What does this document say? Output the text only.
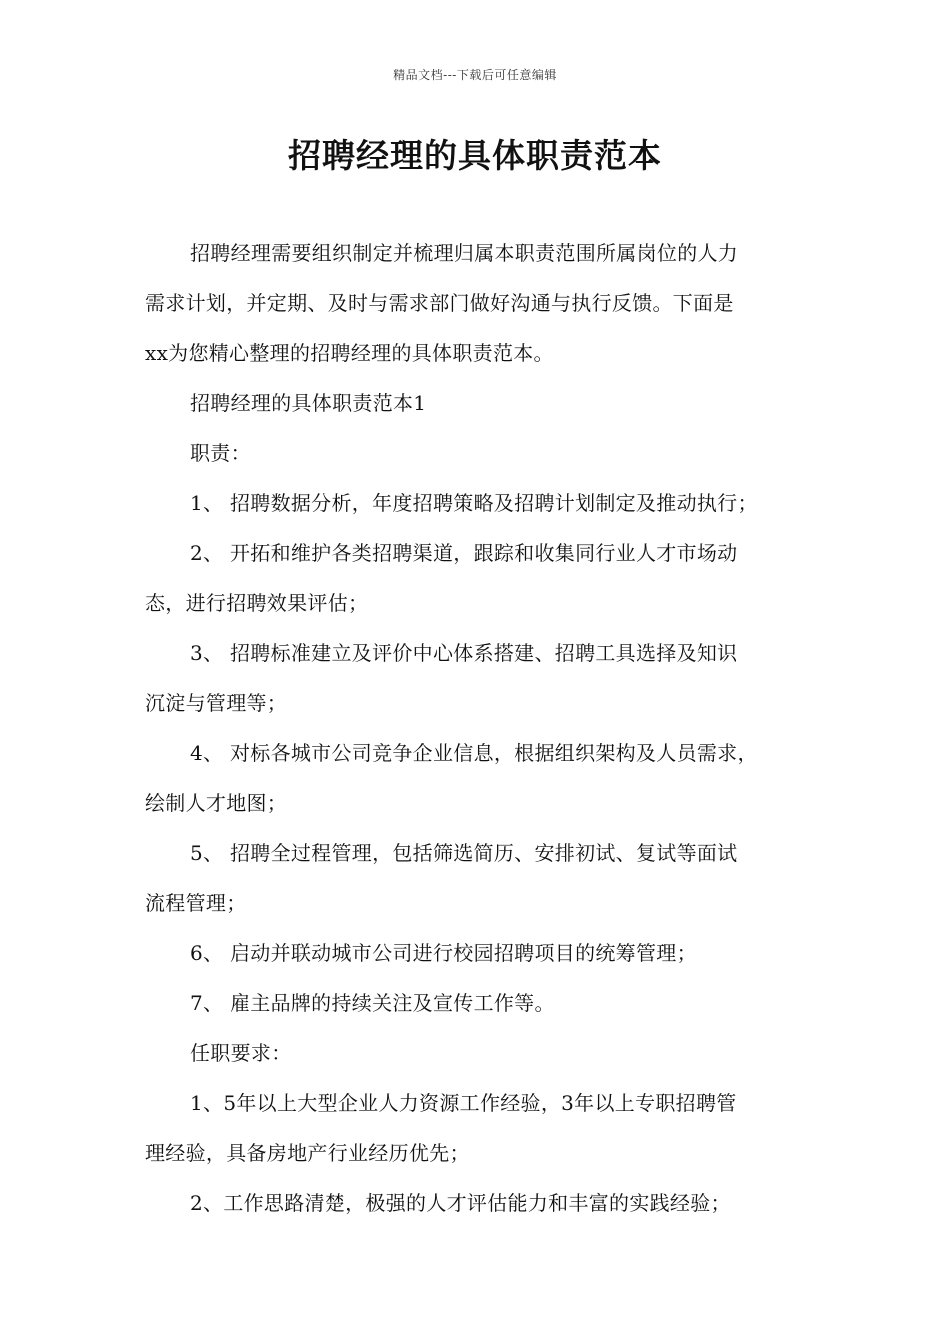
精品文档---下载后可任意编辑
招聘经理的具体职责范本
招聘经理需要组织制定并梳理归属本职责范围所属岗位的人力
需求计划，并定期、及时与需求部门做好沟通与执行反馈。下面是
xx为您精心整理的招聘经理的具体职责范本。
招聘经理的具体职责范本1
职责：
1、 招聘数据分析，年度招聘策略及招聘计划制定及推动执行；
2、 开拓和维护各类招聘渠道，跟踪和收集同行业人才市场动
态，进行招聘效果评估；
3、 招聘标准建立及评价中心体系搭建、招聘工具选择及知识
沉淀与管理等；
4、 对标各城市公司竞争企业信息，根据组织架构及人员需求，
绘制人才地图；
5、 招聘全过程管理，包括筛选简历、安排初试、复试等面试
流程管理；
6、 启动并联动城市公司进行校园招聘项目的统筹管理；
7、 雇主品牌的持续关注及宣传工作等。
任职要求：
1、5年以上大型企业人力资源工作经验，3年以上专职招聘管
理经验，具备房地产行业经历优先；
2、工作思路清楚，极强的人才评估能力和丰富的实践经验；
